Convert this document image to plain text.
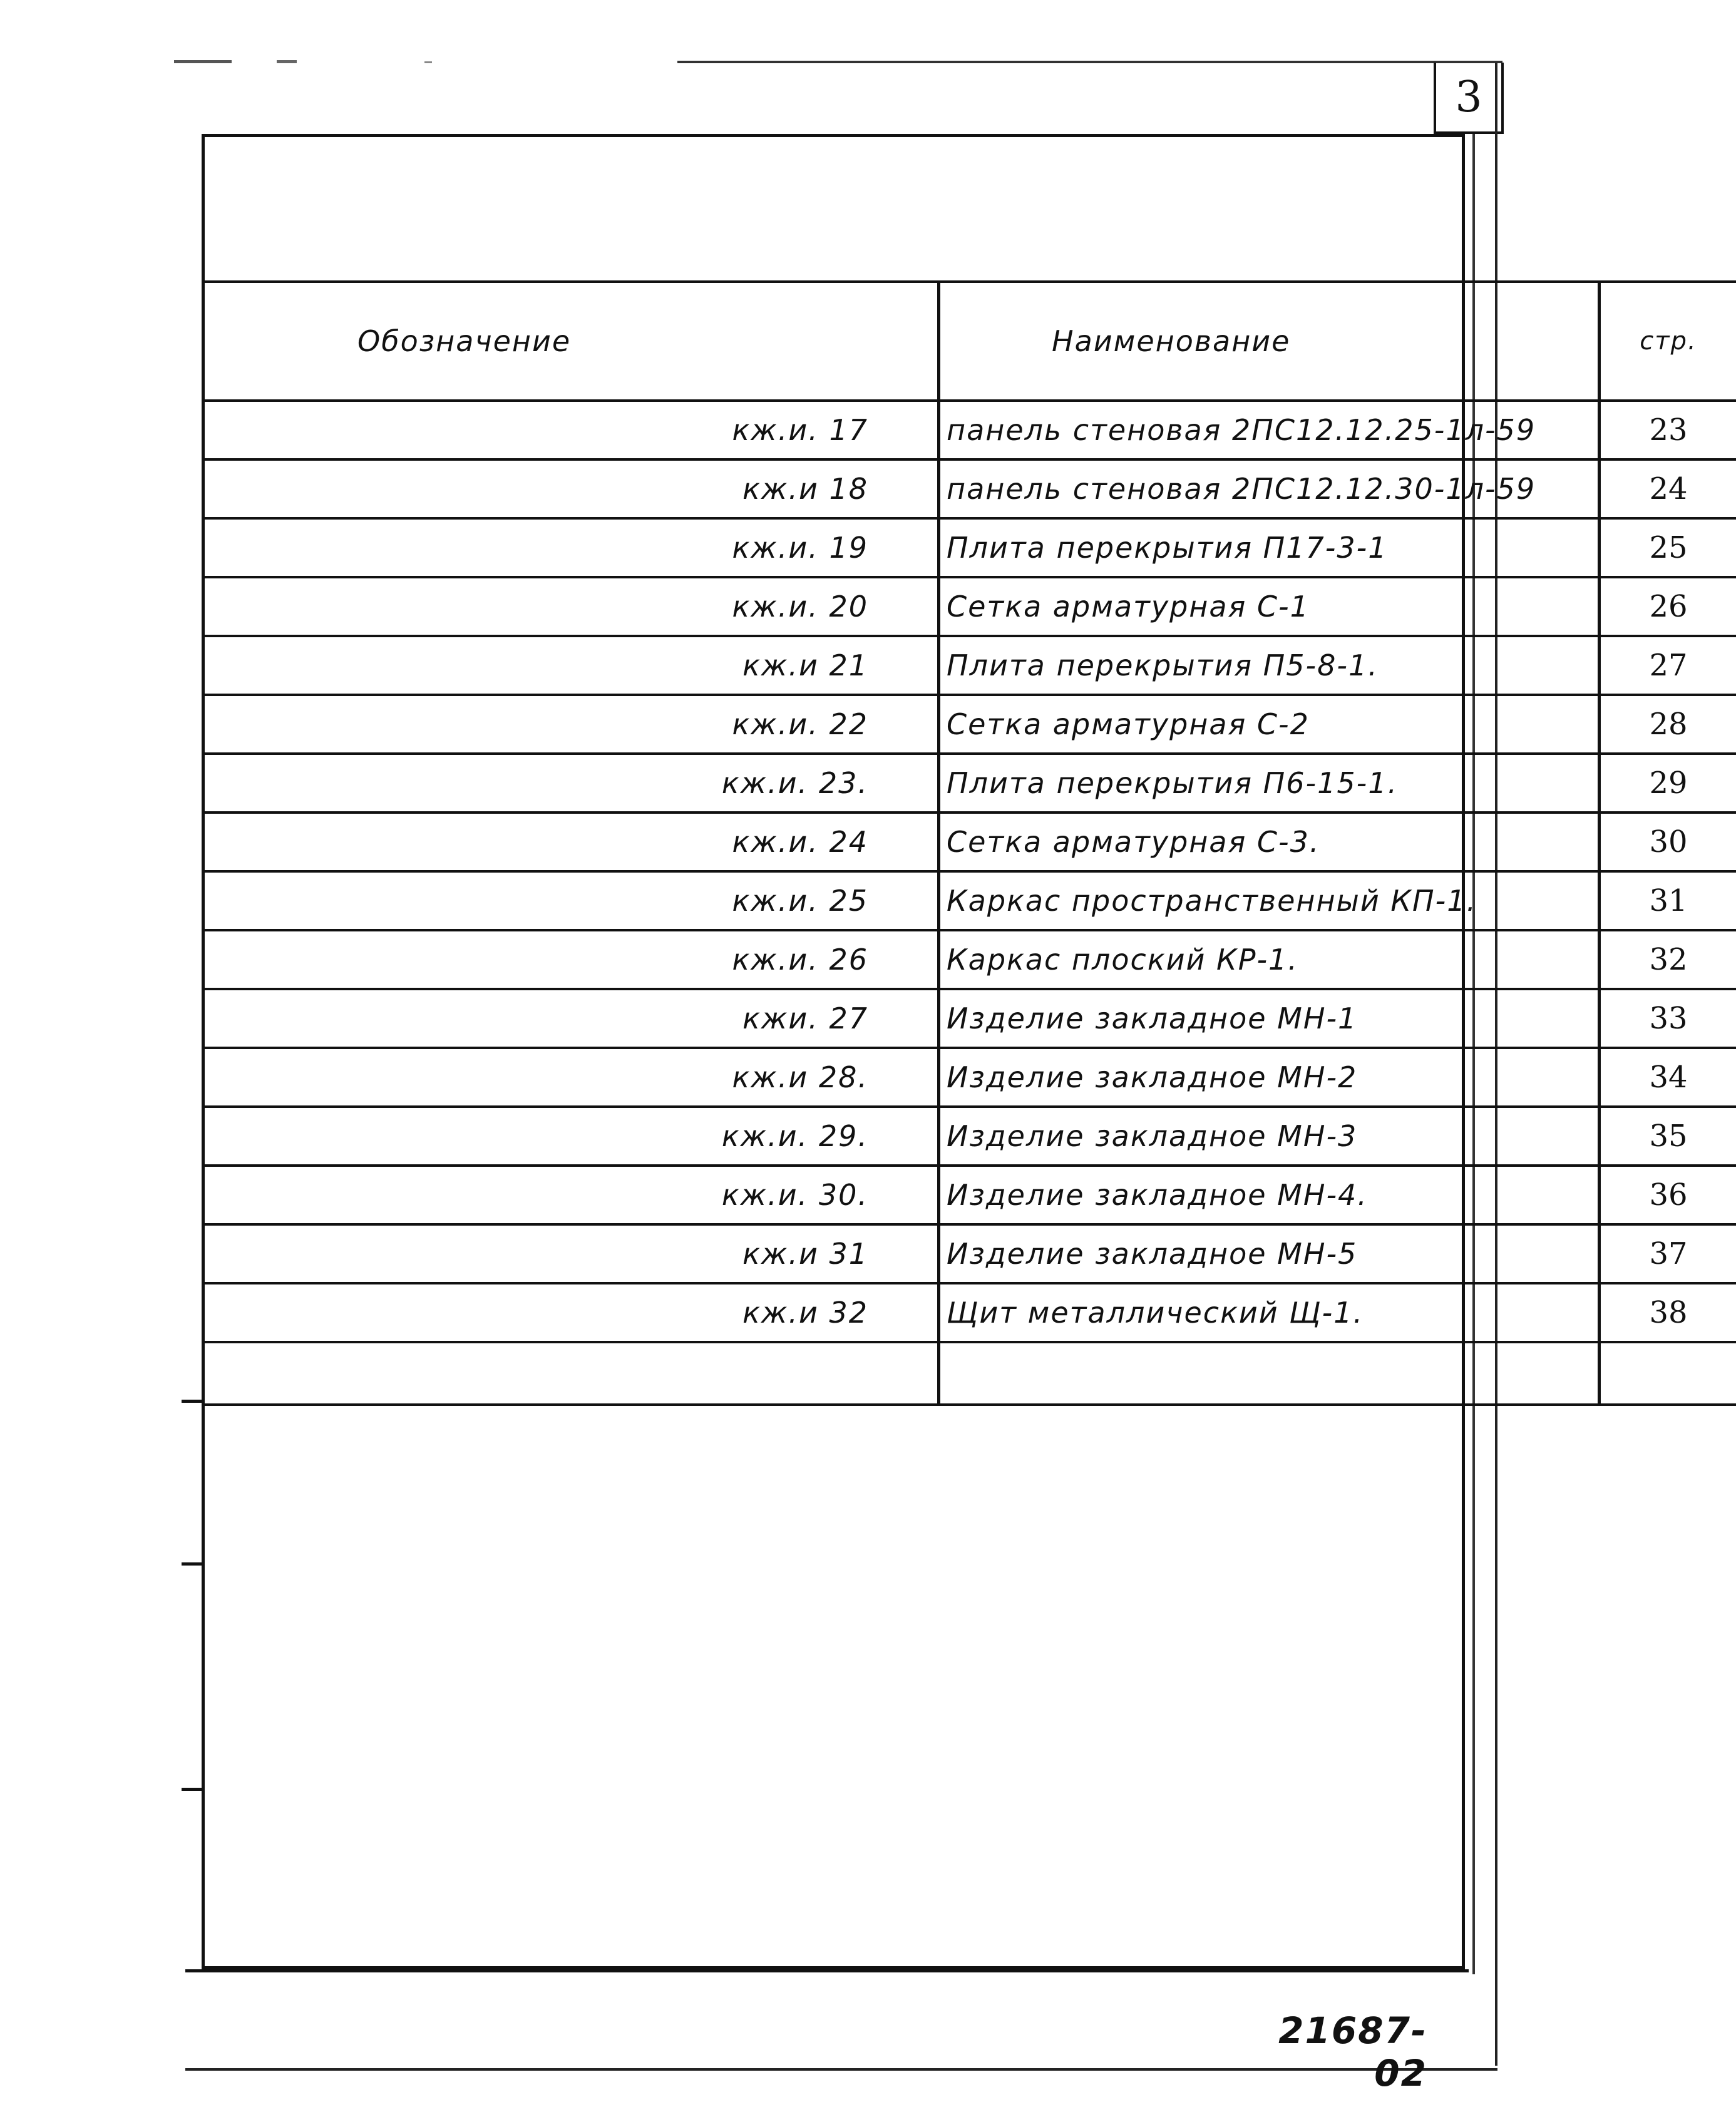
3
Обозначение	Наименование	стр.
кж.и. 17	панель стеновая 2ПС12.12.25-1л-59	23
кж.и 18	панель стеновая 2ПС12.12.30-1л-59	24
кж.и. 19	Плита перекрытия П17-3-1	25
кж.и. 20	Сетка арматурная С-1	26
кж.и 21	Плита перекрытия П5-8-1.	27
кж.и. 22	Сетка арматурная С-2	28
кж.и. 23.	Плита перекрытия П6-15-1.	29
кж.и. 24	Сетка арматурная С-3.	30
кж.и. 25	Каркас пространственный КП-1.	31
кж.и. 26	Каркас плоский КР-1.	32
кжи. 27	Изделие закладное МН-1	33
кж.и 28.	Изделие закладное МН-2	34
кж.и. 29.	Изделие закладное МН-3	35
кж.и. 30.	Изделие закладное МН-4.	36
кж.и 31	Изделие закладное МН-5	37
кж.и 32	Щит металлический Щ-1.	38

21687-02
